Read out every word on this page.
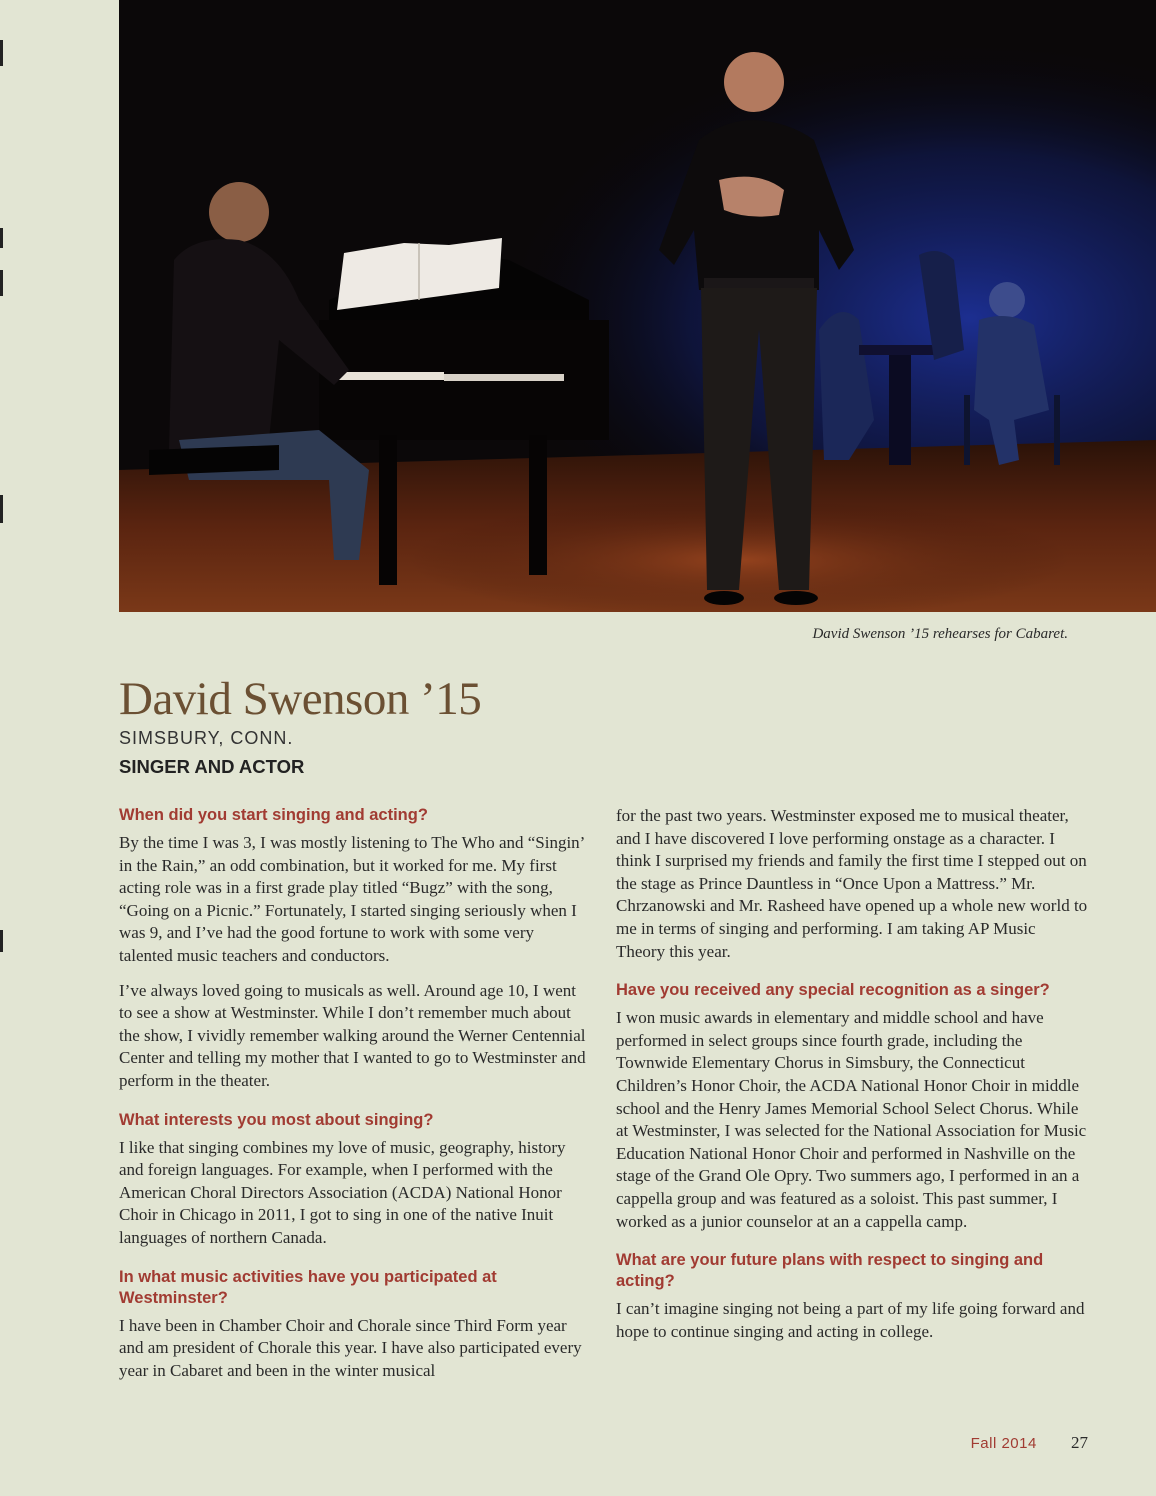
David Swenson ’15 rehearses for Cabaret.
David Swenson ’15
SIMSBURY, CONN.
SINGER AND ACTOR
When did you start singing and acting?

By the time I was 3, I was mostly listening to The Who and “Singin’ in the Rain,” an odd combination, but it worked for me. My first acting role was in a first grade play titled “Bugz” with the song, “Going on a Picnic.” Fortunately, I started singing seriously when I was 9, and I’ve had the good fortune to work with some very talented music teachers and conductors.

I’ve always loved going to musicals as well. Around age 10, I went to see a show at Westminster. While I don’t remember much about the show, I vividly remember walking around the Werner Centennial Center and telling my mother that I wanted to go to Westminster and perform in the theater.

What interests you most about singing?

I like that singing combines my love of music, geography, history and foreign languages. For example, when I performed with the American Choral Directors Association (ACDA) National Honor Choir in Chicago in 2011, I got to sing in one of the native Inuit languages of northern Canada.

In what music activities have you participated at Westminster?

I have been in Chamber Choir and Chorale since Third Form year and am president of Chorale this year. I have also participated every year in Cabaret and been in the winter musical

for the past two years. Westminster exposed me to musical theater, and I have discovered I love performing onstage as a character. I think I surprised my friends and family the first time I stepped out on the stage as Prince Dauntless in “Once Upon a Mattress.” Mr. Chrzanowski and Mr. Rasheed have opened up a whole new world to me in terms of singing and performing. I am taking AP Music Theory this year.

Have you received any special recognition as a singer?

I won music awards in elementary and middle school and have performed in select groups since fourth grade, including the Townwide Elementary Chorus in Simsbury, the Connecticut Children’s Honor Choir, the ACDA National Honor Choir in middle school and the Henry James Memorial School Select Chorus. While at Westminster, I was selected for the National Association for Music Education National Honor Choir and performed in Nashville on the stage of the Grand Ole Opry. Two summers ago, I performed in an a cappella group and was featured as a soloist. This past summer, I worked as a junior counselor at an a cappella camp.

What are your future plans with respect to singing and acting?

I can’t imagine singing not being a part of my life going forward and hope to continue singing and acting in college.

Fall 2014 27
